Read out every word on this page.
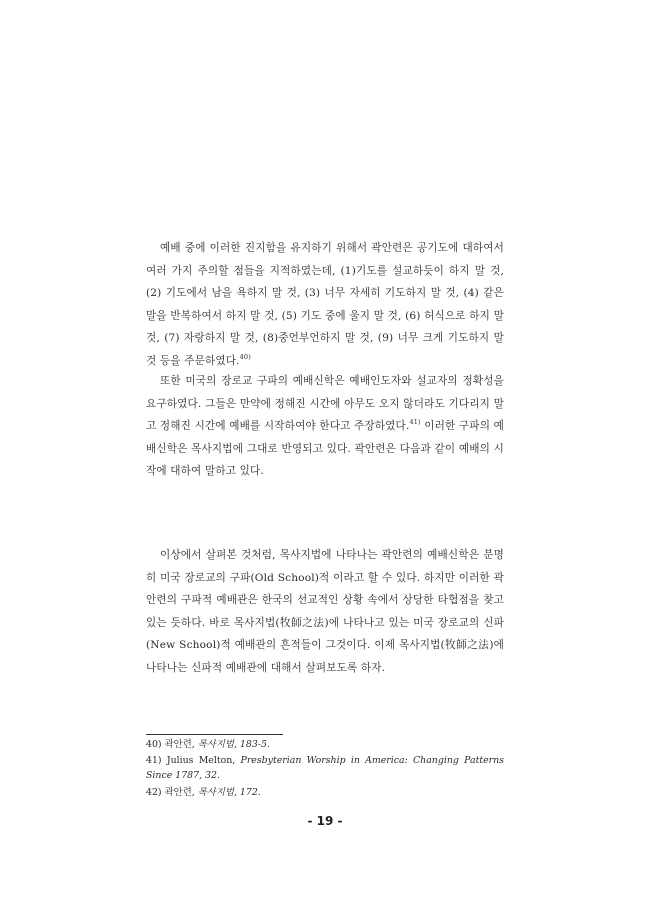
예배 중에 이러한 진지함을 유지하기 위해서 곽안련은 공기도에 대하여서 여러 가지 주의할 점들을 지적하였는데, (1)기도를 설교하듯이 하지 말 것, (2) 기도에서 남을 욕하지 말 것, (3) 너무 자세히 기도하지 말 것, (4) 같은 말을 반복하여서 하지 말 것, (5) 기도 중에 울지 말 것, (6) 허식으로 하지 말 것, (7) 자랑하지 말 것, (8)중언부언하지 말 것, (9) 너무 크게 기도하지 말 것 등을 주문하였다.$^{40)}$

또한 미국의 장로교 구파의 예배신학은 예배인도자와 설교자의 정확성을 요구하였다. 그들은 만약에 정해진 시간에 아무도 오지 않더라도 기다리지 말고 정해진 시간에 예배를 시작하여야 한다고 주장하였다.$^{41)}$ 이러한 구파의 예배신학은 목사지법에 그대로 반영되고 있다. 곽안련은 다음과 같이 예배의 시작에 대하여 말하고 있다.

이상에서 살펴본 것처럼, 목사지법에 나타나는 곽안련의 예배신학은 분명히 미국 장로교의 구파(Old School)적 이라고 할 수 있다. 하지만 이러한 곽안련의 구파적 예배관은 한국의 선교적인 상황 속에서 상당한 타협점을 찾고 있는 듯하다. 바로 목사지법(牧師之法)에 나타나고 있는 미국 장로교의 신파(New School)적 예배관의 흔적들이 그것이다. 이제 목사지법(牧師之法)에 나타나는 신파적 예배관에 대해서 살펴보도록 하자.

40) 곽안련, 목사지법, 183-5.

41) Julius Melton, Presbyterian Worship in America: Changing Patterns Since 1787, 32.

42) 곽안련, 목사지법, 172.

- 19 -
